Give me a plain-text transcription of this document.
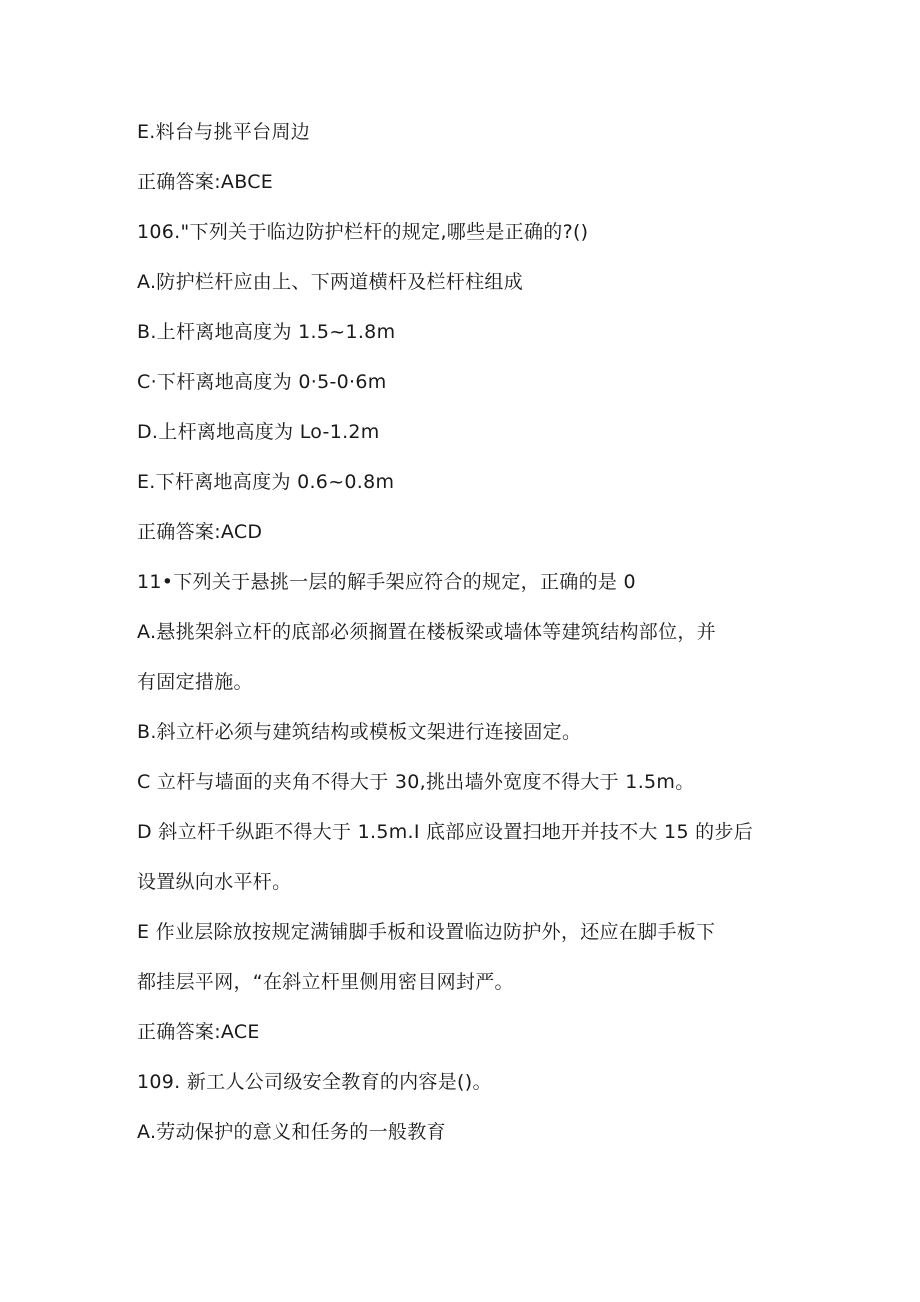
E.料台与挑平台周边
正确答案:ABCE
106."下列关于临边防护栏杆的规定,哪些是正确的?()
A.防护栏杆应由上、下两道横杆及栏杆柱组成
B.上杆离地高度为 1.5~1.8m
C·下杆离地高度为 0·5-0·6m
D.上杆离地高度为 Lo-1.2m
E.下杆离地高度为 0.6~0.8m
正确答案:ACD
11•下列关于悬挑一层的解手架应符合的规定，正确的是 0
A.悬挑架斜立杆的底部必须搁置在楼板梁或墙体等建筑结构部位，并
有固定措施。
B.斜立杆必须与建筑结构或模板文架进行连接固定。
C 立杆与墙面的夹角不得大于 30,挑出墙外宽度不得大于 1.5m。
D 斜立杆千纵距不得大于 1.5m.I 底部应设置扫地开并技不大 15 的步后
设置纵向水平杆。
E 作业层除放按规定满铺脚手板和设置临边防护外，还应在脚手板下
都挂层平网，“在斜立杆里侧用密目网封严。
正确答案:ACE
109. 新工人公司级安全教育的内容是()。
A.劳动保护的意义和任务的一般教育
